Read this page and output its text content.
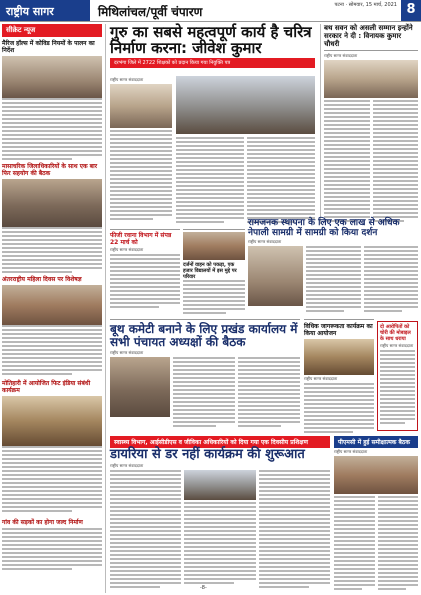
राष्ट्रीय सागर	मिथिलांचल/पूर्वी चंपारण	पटना · सोमवार, 15 मार्च, 2021 8
सीक्रेट न्यूज
मैरिज हॉल्स में कोविड नियमों के पालन का निर्देश
मासाचरिक जिलाधिकारियों के साथ एक बार फिर सहयोग की बैठक
अंतरराष्ट्रीय महिला दिवस पर विशेषज्ञ
मोतिहारी में आयोजित फिट इंडिया संबंधी कार्यक्रम
गांव की सड़कों का होगा जल्द निर्माण
गुरु का सबसे महत्वपूर्ण कार्य है चरित्र निर्माण करना: जीवेश कुमार
दरभंगा जिले में 2722 शिक्षकों को प्रदान किया गया नियुक्ति पत्र
राष्ट्रीय सागर संवाददाता
बथ सवन को असली सम्मान इन्होंने सरकार ने दी : विनायक कुमार चौधरी
राष्ट्रीय सागर संवाददाता
फीजी रवाना विभाग में संपन्न 22 मार्च को
राष्ट्रीय सागर संवाददाता
दर्जनों वाहन को पकड़ा, एक हजार विद्यालयों में इस मुद्दे पर परिवार
रामजनक स्थापना के लिए एक लाख से अधिक नेपाली सामग्री में सामग्री को किया दर्शन
राष्ट्रीय सागर संवाददाता
बूथ कमेटी बनाने के लिए प्रखंड कार्यालय में सभी पंचायत अध्यक्षों की बैठक
राष्ट्रीय सागर संवाददाता
विधिक जागरूकता कार्यक्रम का किया आयोजन
राष्ट्रीय सागर संवाददाता
दो आरोपितों को चोरी की मोबाइल के साथ धराया
राष्ट्रीय सागर संवाददाता
स्वास्थ्य विभाग, आईसीडीएस व जीविका अधिकारियों को दिया गया एक दिवसीय प्रशिक्षण
डायरिया से डर नहीं कार्यक्रम की शुरूआत
राष्ट्रीय सागर संवाददाता
पीएमसी में हुई समीक्षात्मक बैठक
राष्ट्रीय सागर संवाददाता
-8-
